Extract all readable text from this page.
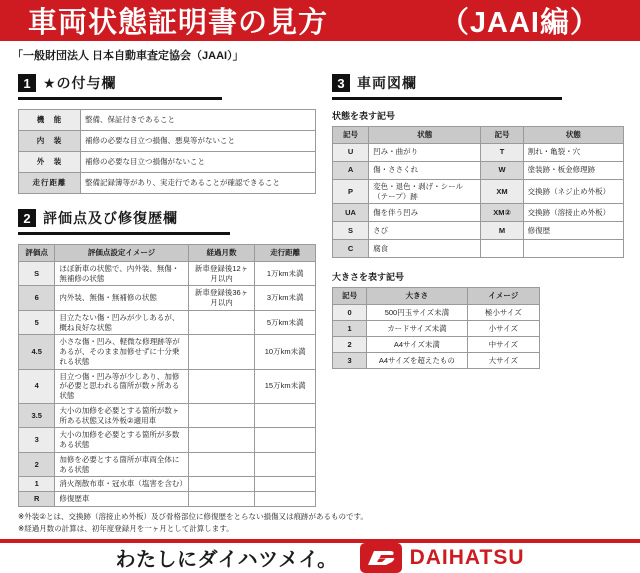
車両状態証明書の見方	（JAAI編）
「一般財団法人 日本自動車査定協会（JAAI）」
1 ★の付与欄
機　能	整備、保証付きであること
内　装	補修の必要な目立つ損傷、悪臭等がないこと
外　装	補修の必要な目立つ損傷がないこと
走行距離	整備記録簿等があり、実走行であることが確認できること
2 評価点及び修復歴欄
評価点	評価点設定イメージ	経過月数	走行距離
S	ほぼ新車の状態で、内外装、無傷・無補修の状態	新車登録後12ヶ月以内	1万km未満
6	内外装、無傷・無補修の状態	新車登録後36ヶ月以内	3万km未満
5	目立たない傷・凹みが少しあるが、概ね良好な状態		5万km未満
4.5	小さな傷・凹み、軽微な修理跡等があるが、そのまま加修せずに十分乗れる状態		10万km未満
4	目立つ傷・凹み等が少しあり、加修が必要と思われる箇所が数ヶ所ある状態		15万km未満
3.5	大小の加修を必要とする箇所が数ヶ所ある状態又は外板②適用車		
3	大小の加修を必要とする箇所が多数ある状態		
2	加修を必要とする箇所が車両全体にある状態		
1	消火剤散布車・冠水車（塩害を含む）		
R	修復歴車		
3 車両図欄
状態を表す記号
記号	状態	記号	状態
U	凹み・曲がり	T	割れ・亀裂・穴
A	傷・ささくれ	W	塗装跡・板金修理跡
P	変色・退色・剥げ・シール（テープ）跡	XM	交換跡（ネジ止め外板）
UA	傷を伴う凹み	XM②	交換跡（溶接止め外板）
S	さび	M	修復歴
C	腐食		
大きさを表す記号
記号	大きさ	イメージ
0	500円玉サイズ未満	極小サイズ
1	カードサイズ未満	小サイズ
2	A4サイズ未満	中サイズ
3	A4サイズを超えたもの	大サイズ
※外装②とは、交換跡（溶接止め外板）及び骨格部位に修復歴をとらない損傷又は痕跡があるものです。
※経過月数の計算は、初年度登録月を一ヶ月として計算します。
わたしにダイハツメイ。	DAIHATSU
